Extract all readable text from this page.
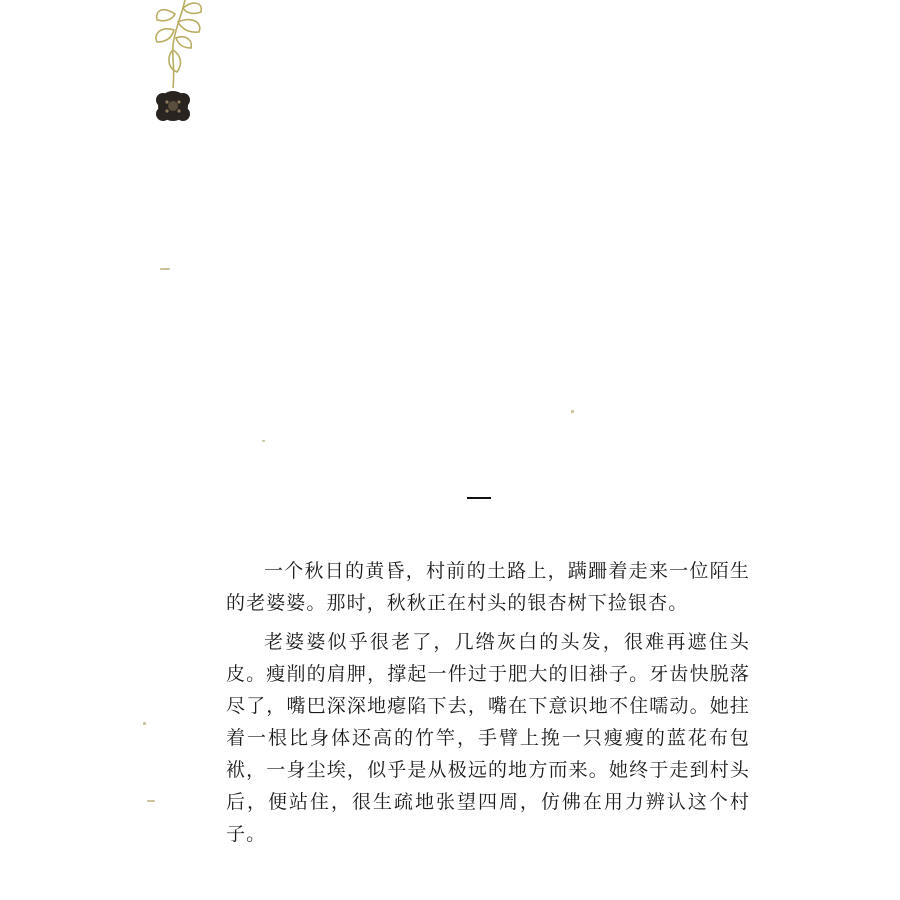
一个秋日的黄昏，村前的土路上，蹒跚着走来一位陌生的老婆婆。那时，秋秋正在村头的银杏树下捡银杏。

老婆婆似乎很老了，几绺灰白的头发，很难再遮住头皮。瘦削的肩胛，撑起一件过于肥大的旧褂子。牙齿快脱落尽了，嘴巴深深地瘪陷下去，嘴在下意识地不住嚅动。她拄着一根比身体还高的竹竿，手臂上挽一只瘦瘦的蓝花布包袱，一身尘埃，似乎是从极远的地方而来。她终于走到村头后，便站住，很生疏地张望四周，仿佛在用力辨认这个村子。
